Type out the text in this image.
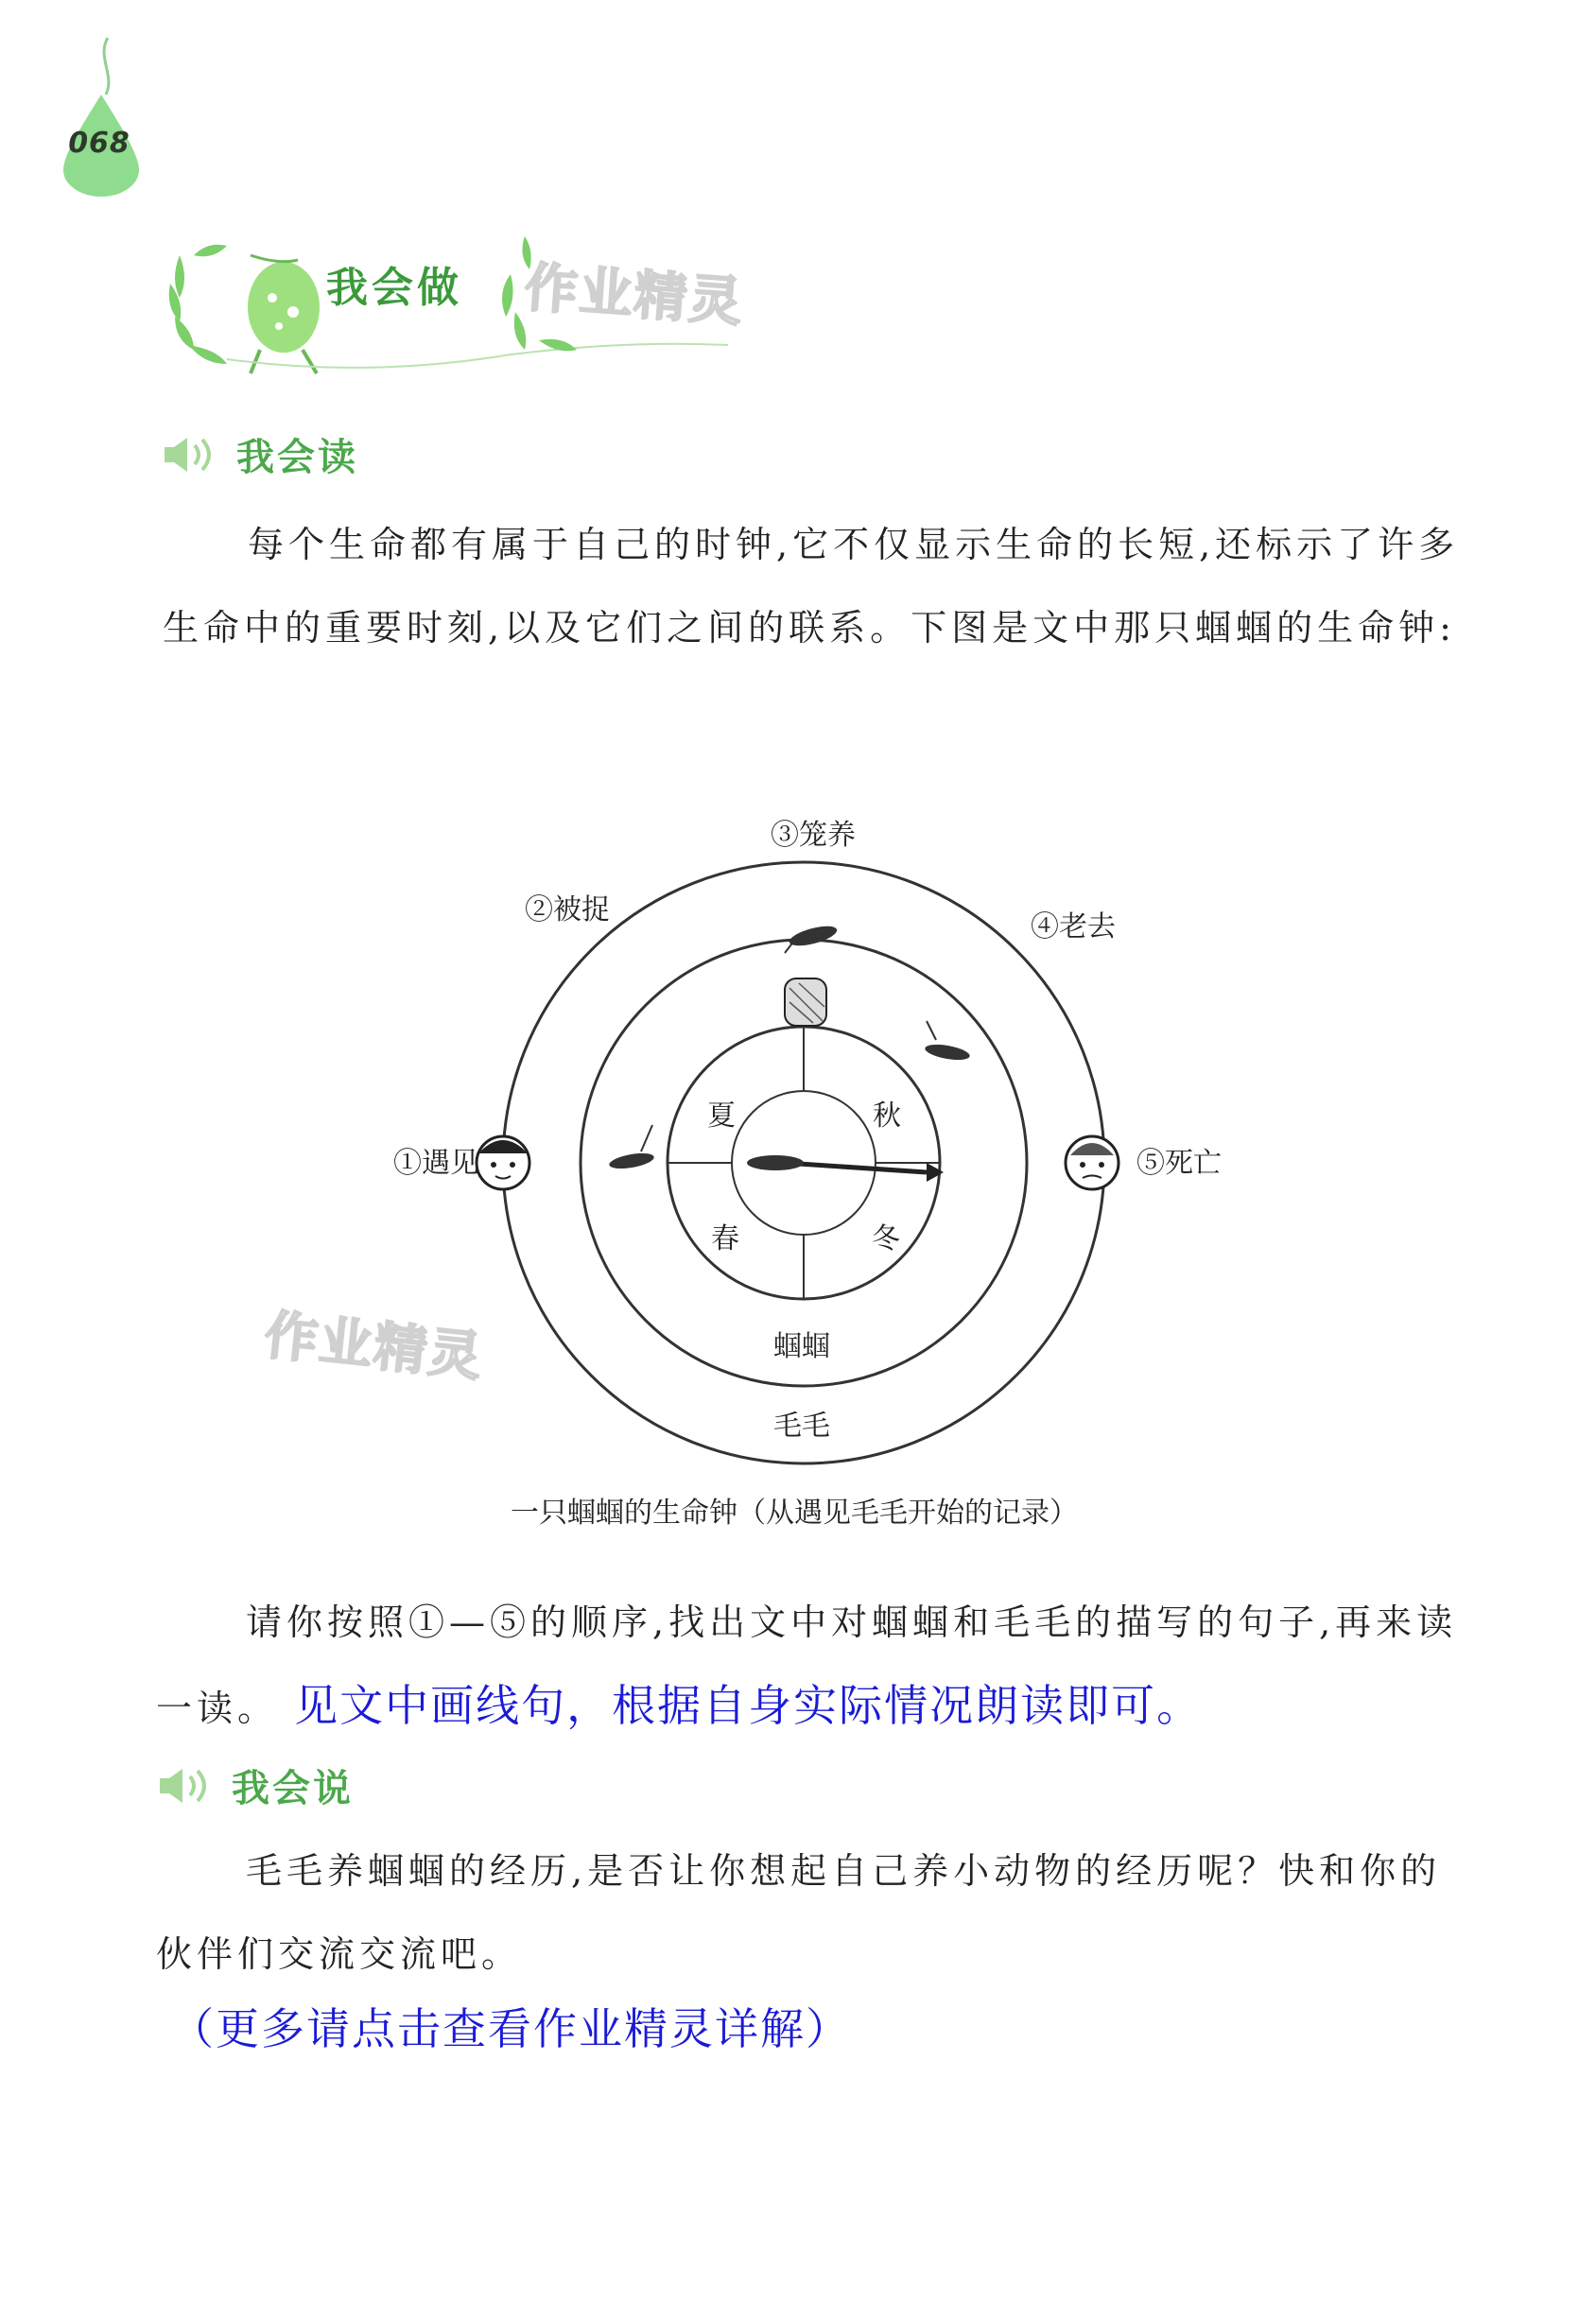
068
我会做 作业精灵
我会读

每个生命都有属于自己的时钟,它不仅显示生命的长短,还标示了许多生命中的重要时刻,以及它们之间的联系。下图是文中那只蝈蝈的生命钟:

③笼养
②被捉
④老去
①遇见	⑤死亡
夏	秋
春	冬
蝈蝈
毛毛
一只蝈蝈的生命钟（从遇见毛毛开始的记录）
作业精灵

请你按照①—⑤的顺序,找出文中对蝈蝈和毛毛的描写的句子,再来读一读。 见文中画线句，根据自身实际情况朗读即可。

我会说

毛毛养蝈蝈的经历,是否让你想起自己养小动物的经历呢？快和你的伙伴们交流交流吧。

（更多请点击查看作业精灵详解）
